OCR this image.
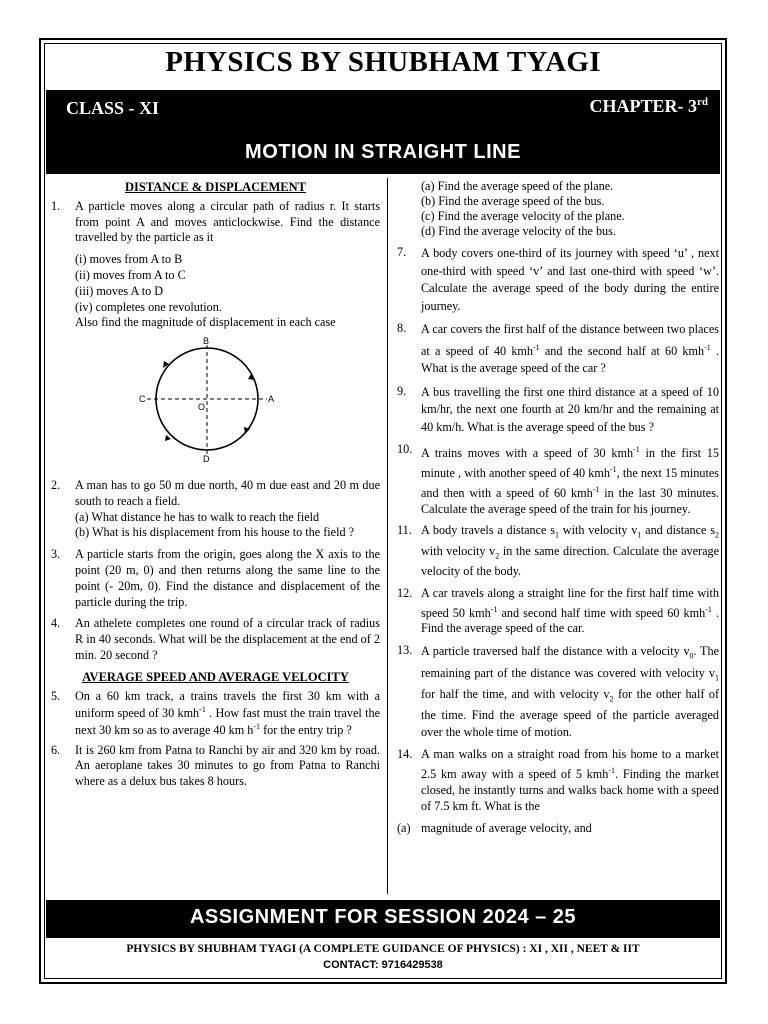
PHYSICS BY SHUBHAM TYAGI
CLASS - XI	CHAPTER- 3rd
MOTION IN STRAIGHT LINE
DISTANCE & DISPLACEMENT
1.	A particle moves along a circular path of radius r. It starts from point A and moves anticlockwise. Find the distance travelled by the particle as it
(i) moves from A to B
(ii) moves from A to C
(iii) moves A to D
(iv) completes one revolution.
Also find the magnitude of displacement in each case
B
A
C
D
O
2.	A man has to go 50 m due north, 40 m due east and 20 m due south to reach a field.
(a) What distance he has to walk to reach the field
(b) What is his displacement from his house to the field ?
3.	A particle starts from the origin, goes along the X axis to the point (20 m, 0) and then returns along the same line to the point (- 20m, 0). Find the distance and displacement of the particle during the trip.
4.	An athelete completes one round of a circular track of radius R in 40 seconds. What will be the displacement at the end of 2 min. 20 second ?
AVERAGE SPEED AND AVERAGE VELOCITY
5.	On a 60 km track, a trains travels the first 30 km with a uniform speed of 30 kmh$^{-1}$ . How fast must the train travel the next 30 km so as to average 40 km $h^{-1}$ for the entry trip ?
6.	It is 260 km from Patna to Ranchi by air and 320 km by road. An aeroplane takes 30 minutes to go from Patna to Ranchi where as a delux bus takes 8 hours.
(a) Find the average speed of the plane.
(b) Find the average speed of the bus.
(c) Find the average velocity of the plane.
(d) Find the average velocity of the bus.
7.	A body covers one-third of its journey with speed ‘u’ , next one-third with speed ‘v’ and last one-third with speed ‘w’. Calculate the average speed of the body during the entire journey.
8.	A car covers the first half of the distance between two places at a speed of 40 kmh$^{-1}$ and the second half at 60 kmh$^{-1}$ . What is the average speed of the car ?
9.	A bus travelling the first one third distance at a speed of 10 km/hr, the next one fourth at 20 km/hr and the remaining at 40 km/h. What is the average speed of the bus ?
10. A trains moves with a speed of 30 kmh$^{-1}$ in the first 15 minute , with another speed of 40 kmh$^{-1}$, the next 15 minutes and then with a speed of 60 kmh$^{-1}$ in the last 30 minutes. Calculate the average speed of the train for his journey.
11. A body travels a distance $s_1$ with velocity $v_1$ and distance $s_2$ with velocity $v_2$ in the same direction. Calculate the average velocity of the body.
12. A car travels along a straight line for the first half time with speed 50 kmh$^{-1}$ and second half time with speed 60 kmh$^{-1}$ . Find the average speed of the car.
13. A particle traversed half the distance with a velocity $v_0$. The remaining part of the distance was covered with velocity $v_1$ for half the time, and with velocity $v_2$ for the other half of the time. Find the average speed of the particle averaged over the whole time of motion.
14. A man walks on a straight road from his home to a market 2.5 km away with a speed of 5 kmh$^{-1}$. Finding the market closed, he instantly turns and walks back home with a speed of 7.5 km ft. What is the
(a) magnitude of average velocity, and
ASSIGNMENT FOR SESSION 2024 – 25
PHYSICS BY SHUBHAM TYAGI (A COMPLETE GUIDANCE OF PHYSICS) : XI , XII , NEET & IIT
CONTACT: 9716429538
